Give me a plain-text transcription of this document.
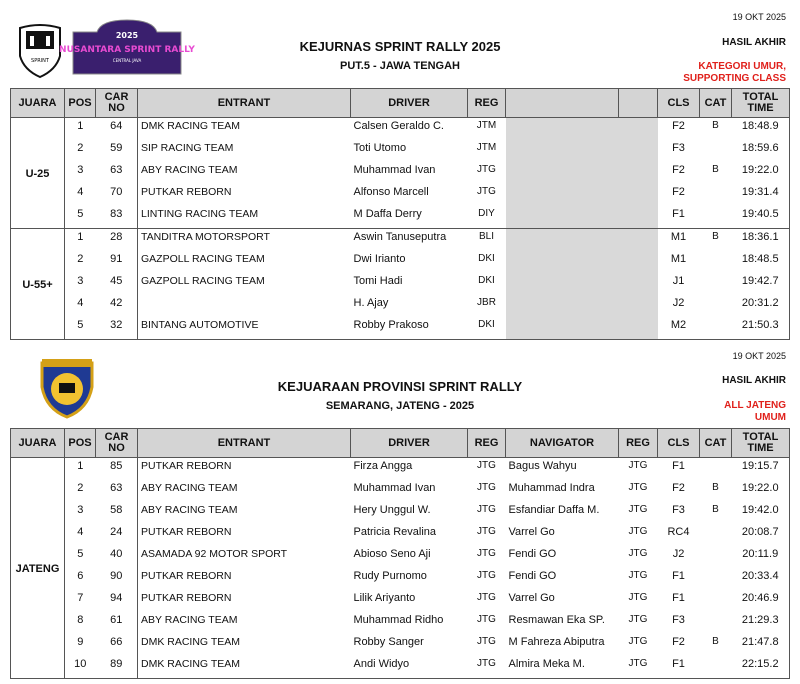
SPRINT
2025
NUSANTARA SPRINT RALLY
CENTRAL JAVA
19 OKT 2025
HASIL AKHIR
KATEGORI UMUR,
SUPPORTING CLASS
KEJURNAS SPRINT RALLY 2025
PUT.5 - JAWA TENGAH
JUARA	POS	CAR NO	ENTRANT	DRIVER	REG			CLS	CAT	TOTAL TIME
U-25	1	64	DMK RACING TEAM	Calsen Geraldo C.	JTM			F2	B	18:48.9
	2	59	SIP RACING TEAM	Toti Utomo	JTM			F3		18:59.6
	3	63	ABY RACING TEAM	Muhammad Ivan	JTG			F2	B	19:22.0
	4	70	PUTKAR REBORN	Alfonso Marcell	JTG			F2		19:31.4
	5	83	LINTING RACING TEAM	M Daffa Derry	DIY			F1		19:40.5
U-55+	1	28	TANDITRA MOTORSPORT	Aswin Tanuseputra	BLI			M1	B	18:36.1
	2	91	GAZPOLL RACING TEAM	Dwi Irianto	DKI			M1		18:48.5
	3	45	GAZPOLL RACING TEAM	Tomi Hadi	DKI			J1		19:42.7
	4	42		H. Ajay	JBR			J2		20:31.2
	5	32	BINTANG AUTOMOTIVE	Robby Prakoso	DKI			M2		21:50.3
19 OKT 2025
HASIL AKHIR
ALL JATENG
UMUM
KEJUARAAN PROVINSI SPRINT RALLY
SEMARANG, JATENG - 2025
JUARA	POS	CAR NO	ENTRANT	DRIVER	REG	NAVIGATOR	REG	CLS	CAT	TOTAL TIME
JATENG	1	85	PUTKAR REBORN	Firza Angga	JTG	Bagus Wahyu	JTG	F1		19:15.7
	2	63	ABY RACING TEAM	Muhammad Ivan	JTG	Muhammad Indra	JTG	F2	B	19:22.0
	3	58	ABY RACING TEAM	Hery Unggul W.	JTG	Esfandiar Daffa M.	JTG	F3	B	19:42.0
	4	24	PUTKAR REBORN	Patricia Revalina	JTG	Varrel Go	JTG	RC4		20:08.7
	5	40	ASAMADA 92 MOTOR SPORT	Abioso Seno Aji	JTG	Fendi GO	JTG	J2		20:11.9
	6	90	PUTKAR REBORN	Rudy Purnomo	JTG	Fendi GO	JTG	F1		20:33.4
	7	94	PUTKAR REBORN	Lilik Ariyanto	JTG	Varrel Go	JTG	F1		20:46.9
	8	61	ABY RACING TEAM	Muhammad Ridho	JTG	Resmawan Eka SP.	JTG	F3		21:29.3
	9	66	DMK RACING TEAM	Robby Sanger	JTG	M Fahreza Abiputra	JTG	F2	B	21:47.8
	10	89	DMK RACING TEAM	Andi Widyo	JTG	Almira Meka M.	JTG	F1		22:15.2
